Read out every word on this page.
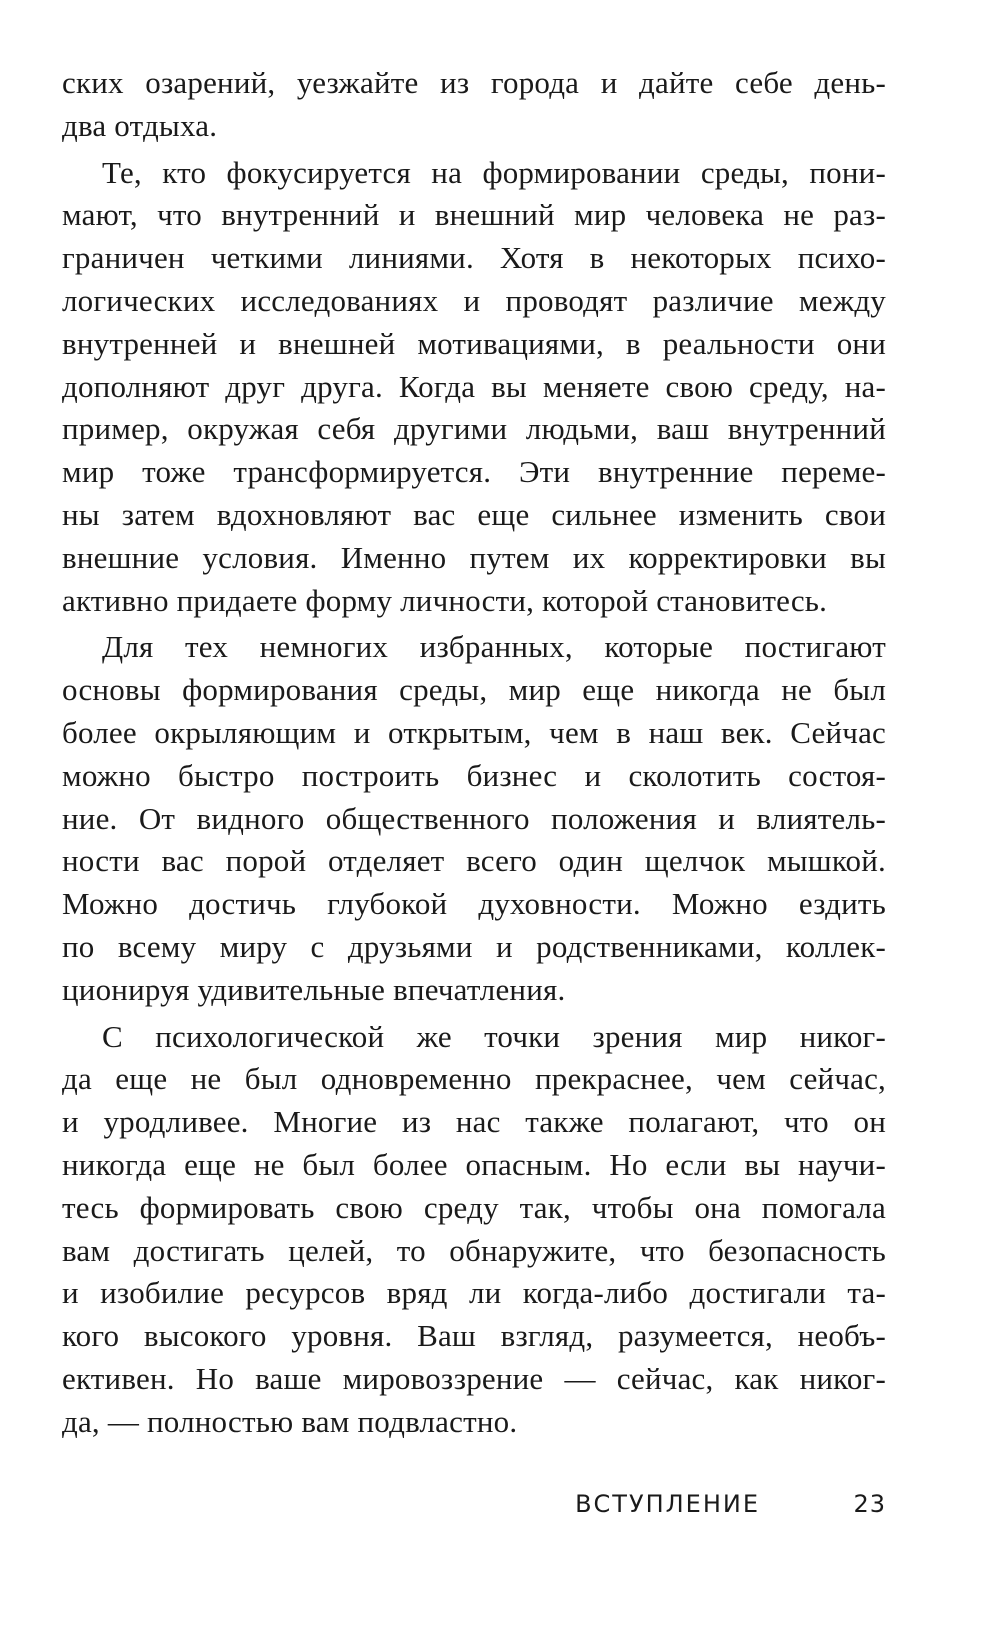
ских озарений, уезжайте из города и дайте себе день-
два отдыха.
Те, кто фокусируется на формировании среды, пони-
мают, что внутренний и внешний мир человека не раз-
граничен четкими линиями. Хотя в некоторых психо-
логических исследованиях и проводят различие между
внутренней и внешней мотивациями, в реальности они
дополняют друг друга. Когда вы меняете свою среду, на-
пример, окружая себя другими людьми, ваш внутренний
мир тоже трансформируется. Эти внутренние переме-
ны затем вдохновляют вас еще сильнее изменить свои
внешние условия. Именно путем их корректировки вы
активно придаете форму личности, которой становитесь.
Для тех немногих избранных, которые постигают
основы формирования среды, мир еще никогда не был
более окрыляющим и открытым, чем в наш век. Сейчас
можно быстро построить бизнес и сколотить состоя-
ние. От видного общественного положения и влиятель-
ности вас порой отделяет всего один щелчок мышкой.
Можно достичь глубокой духовности. Можно ездить
по всему миру с друзьями и родственниками, коллек-
ционируя удивительные впечатления.
С психологической же точки зрения мир никог-
да еще не был одновременно прекраснее, чем сейчас,
и уродливее. Многие из нас также полагают, что он
никогда еще не был более опасным. Но если вы научи-
тесь формировать свою среду так, чтобы она помогала
вам достигать целей, то обнаружите, что безопасность
и изобилие ресурсов вряд ли когда-либо достигали та-
кого высокого уровня. Ваш взгляд, разумеется, необъ-
ективен. Но ваше мировоззрение — сейчас, как никог-
да, — полностью вам подвластно.
ВСТУПЛЕНИЕ	23
